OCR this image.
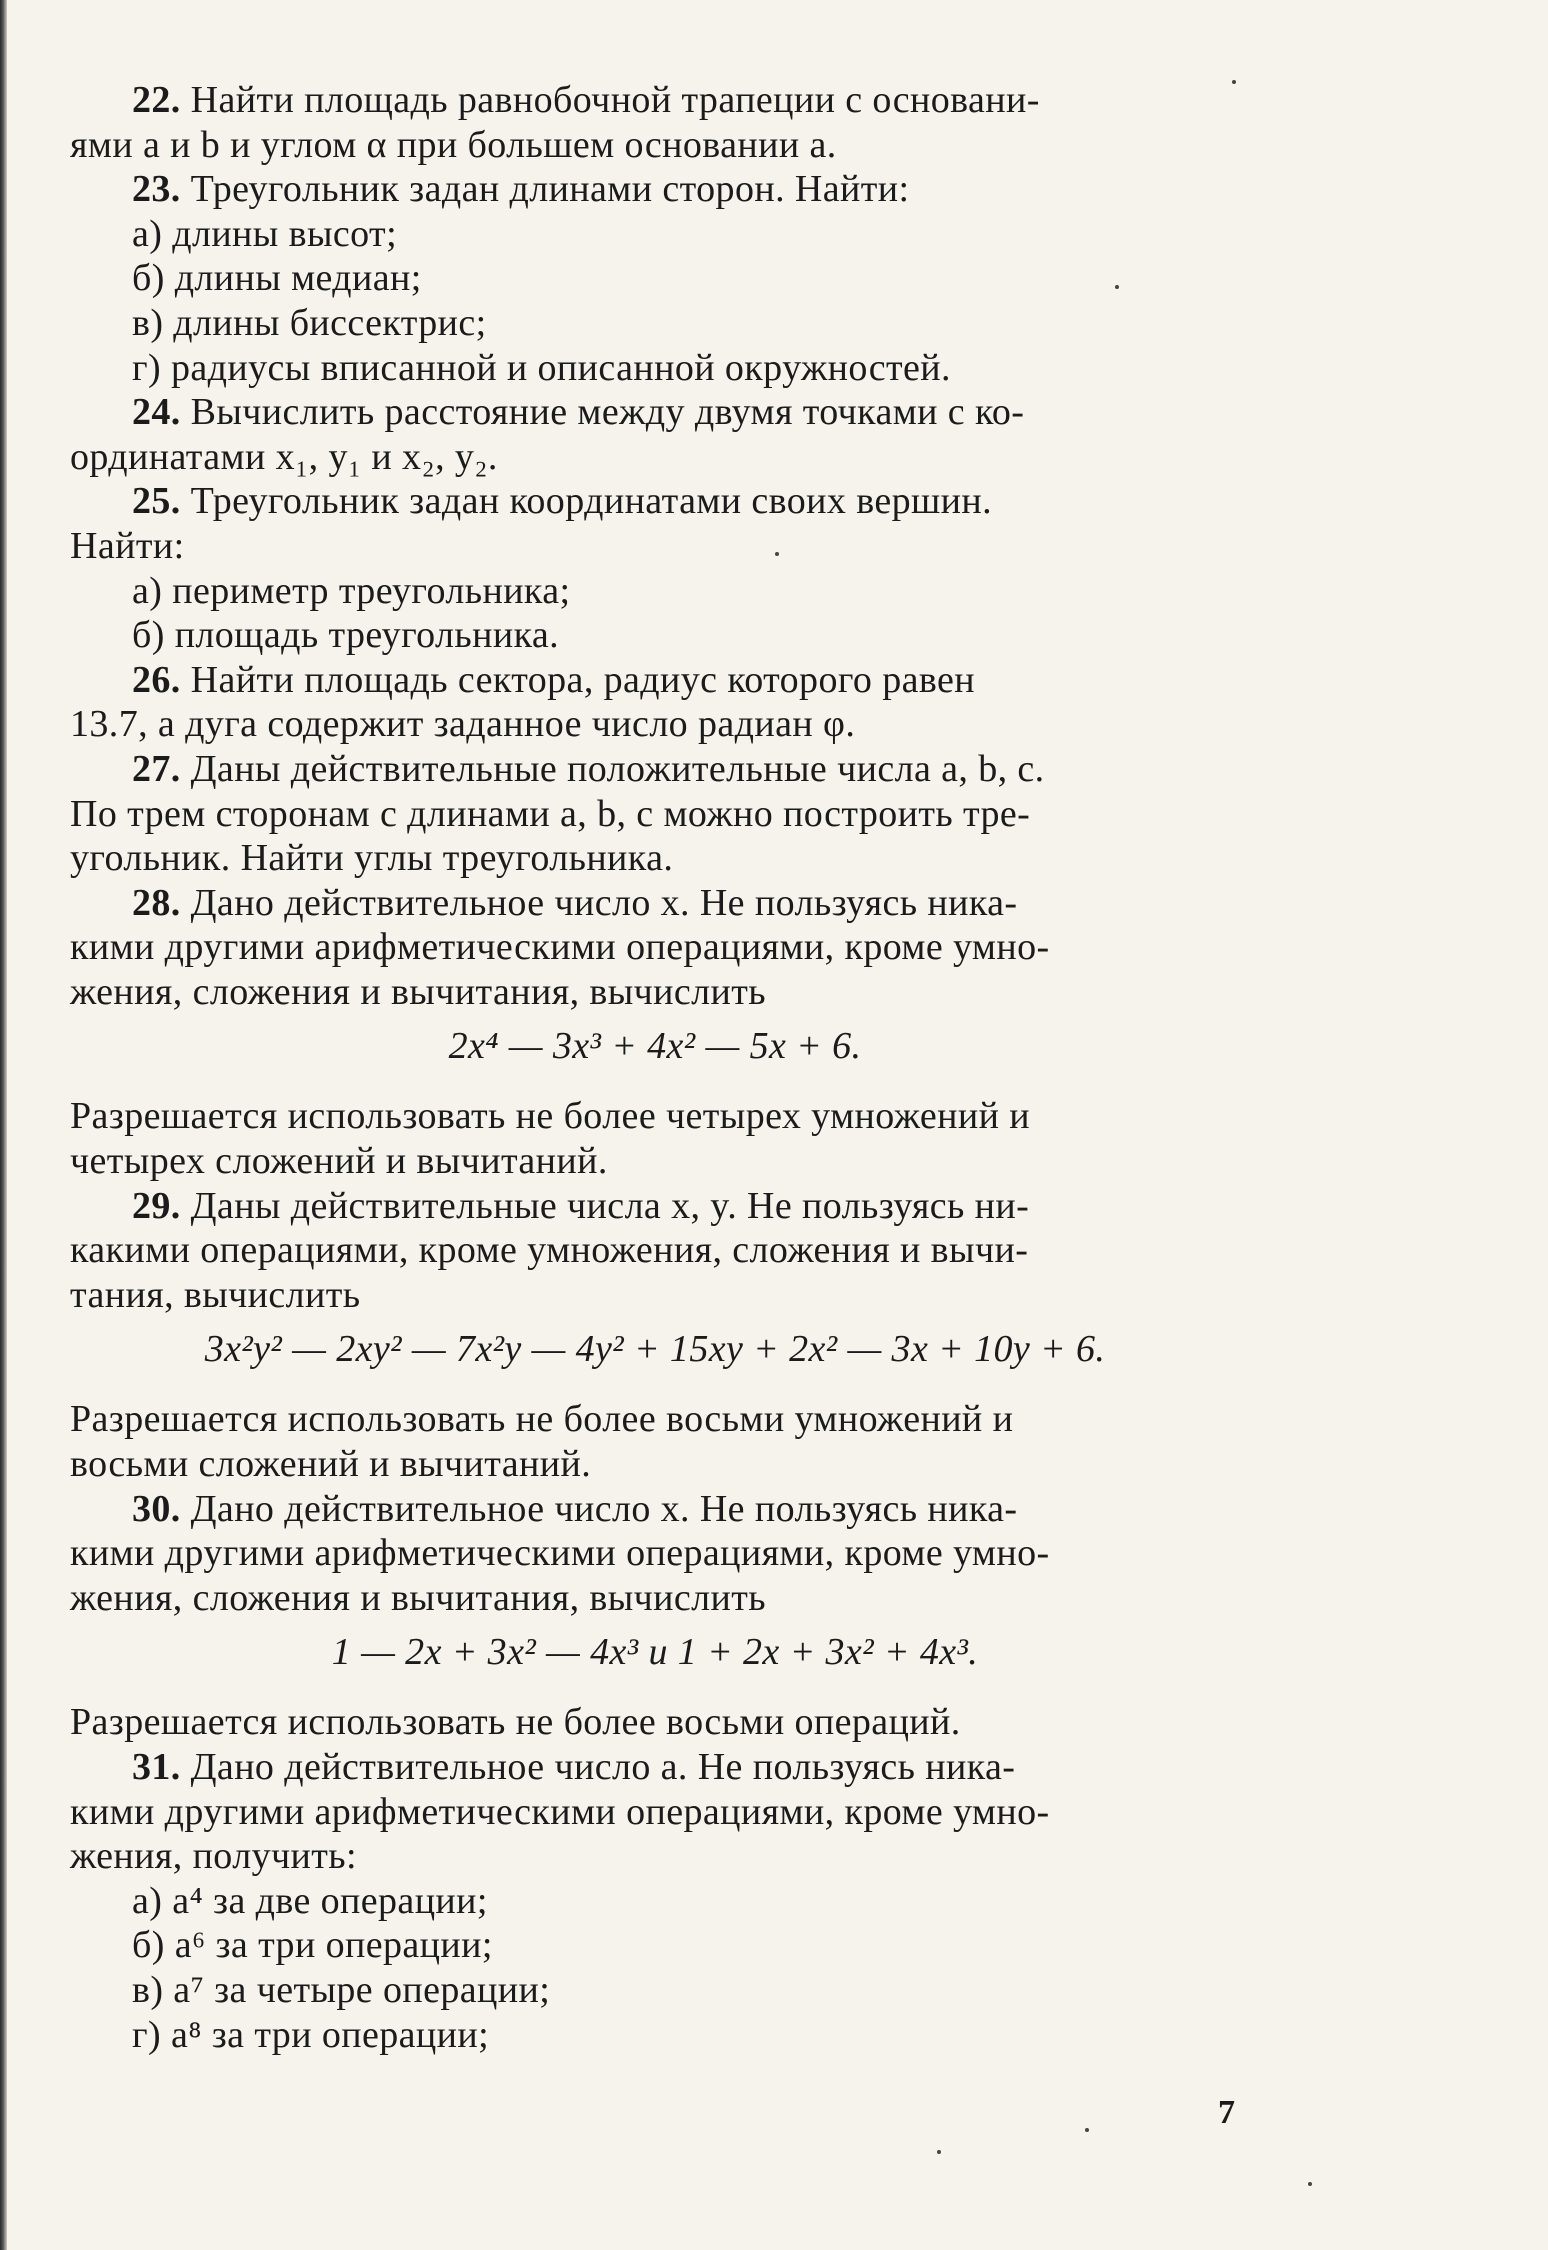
22. Найти площадь равнобочной трапеции с основани-

ями a и b и углом α при большем основании a.

23. Треугольник задан длинами сторон. Найти:

а) длины высот;

б) длины медиан;

в) длины биссектрис;

г) радиусы вписанной и описанной окружностей.

24. Вычислить расстояние между двумя точками с ко-

ординатами x₁, y₁ и x₂, y₂.

25. Треугольник задан координатами своих вершин.

Найти:

а) периметр треугольника;

б) площадь треугольника.

26. Найти площадь сектора, радиус которого равен

13.7, а дуга содержит заданное число радиан φ.

27. Даны действительные положительные числа a, b, c.

По трем сторонам с длинами a, b, c можно построить тре-

угольник. Найти углы треугольника.

28. Дано действительное число x. Не пользуясь ника-

кими другими арифметическими операциями, кроме умно-

жения, сложения и вычитания, вычислить

2x⁴ — 3x³ + 4x² — 5x + 6.

Разрешается использовать не более четырех умножений и

четырех сложений и вычитаний.

29. Даны действительные числа x, y. Не пользуясь ни-

какими операциями, кроме умножения, сложения и вычи-

тания, вычислить

3x²y² — 2xy² — 7x²y — 4y² + 15xy + 2x² — 3x + 10y + 6.

Разрешается использовать не более восьми умножений и

восьми сложений и вычитаний.

30. Дано действительное число x. Не пользуясь ника-

кими другими арифметическими операциями, кроме умно-

жения, сложения и вычитания, вычислить

1 — 2x + 3x² — 4x³ и 1 + 2x + 3x² + 4x³.

Разрешается использовать не более восьми операций.

31. Дано действительное число a. Не пользуясь ника-

кими другими арифметическими операциями, кроме умно-

жения, получить:

а) a⁴ за две операции;

б) a⁶ за три операции;

в) a⁷ за четыре операции;

г) a⁸ за три операции;

7
